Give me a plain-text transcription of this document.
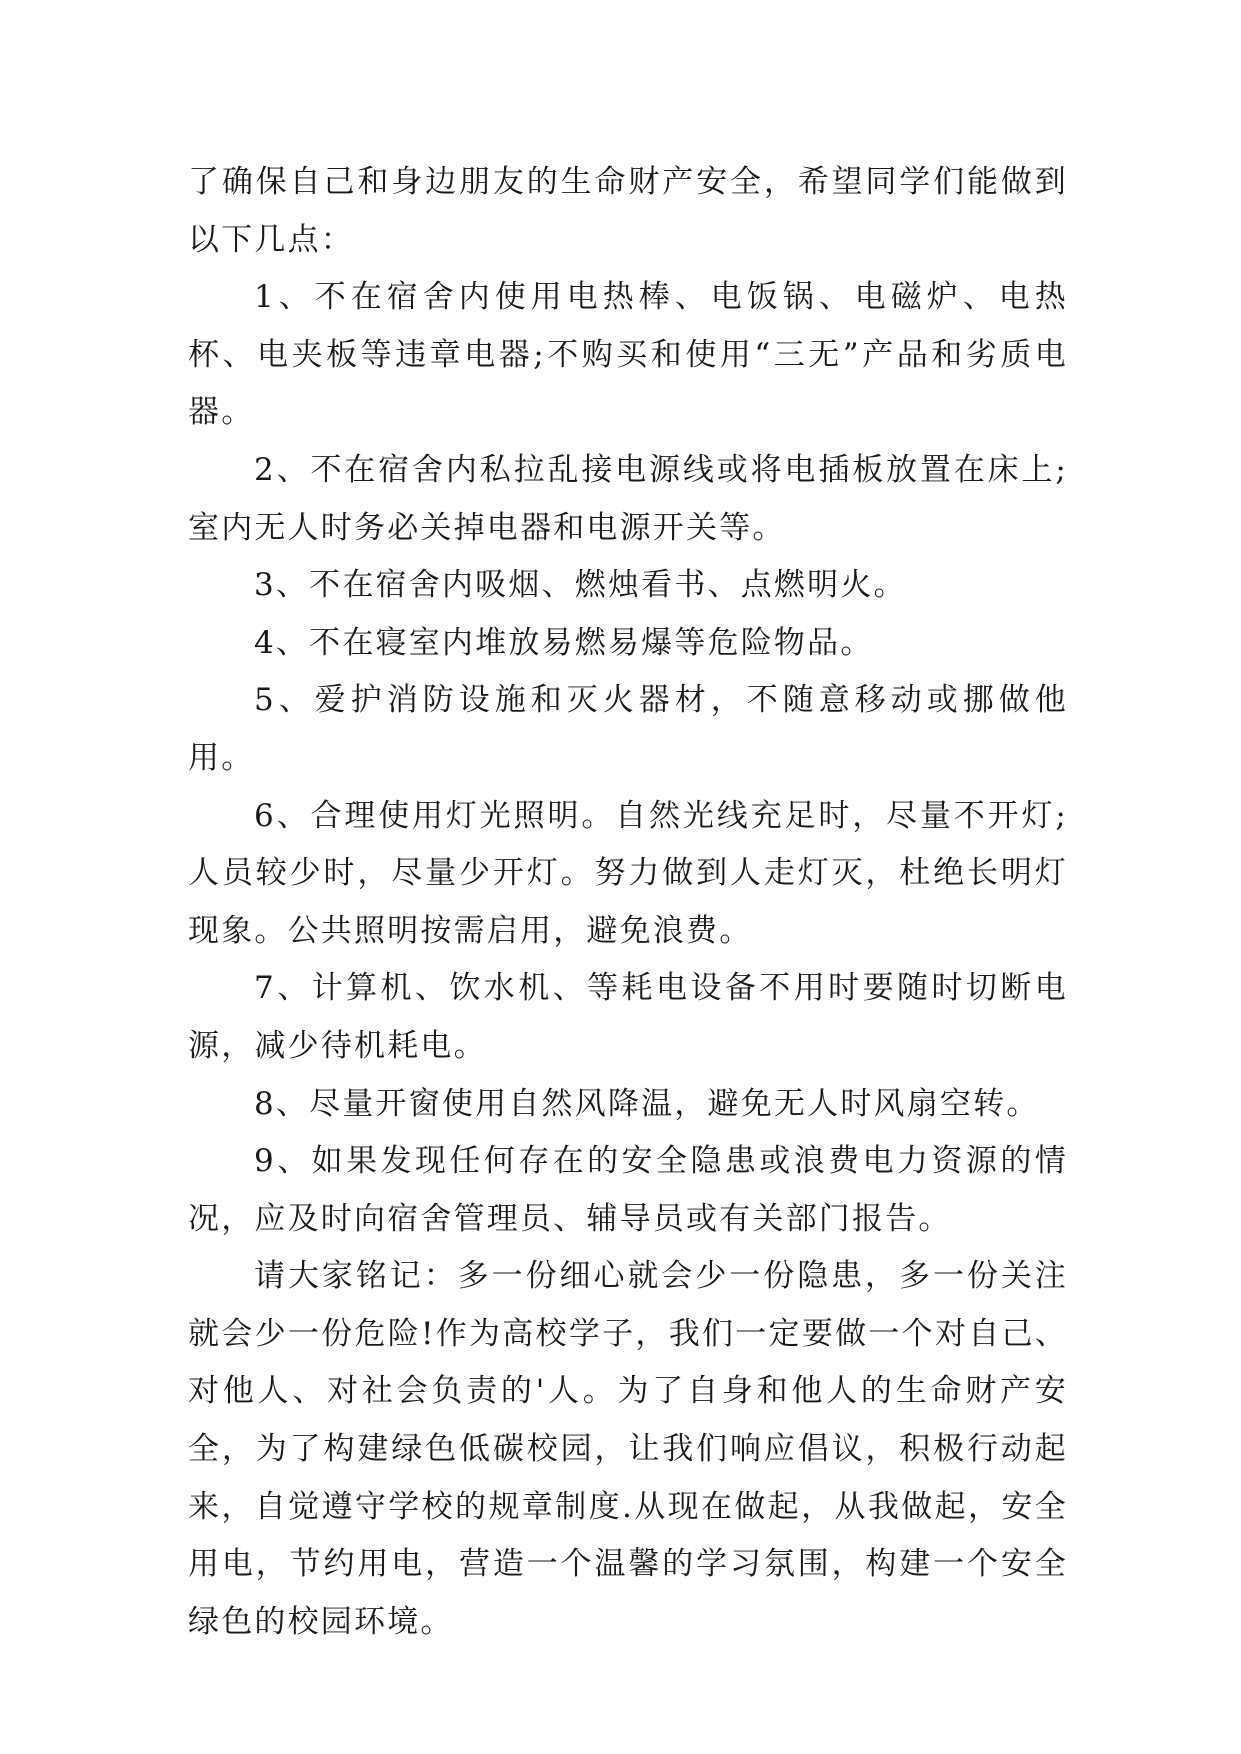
了确保自己和身边朋友的生命财产安全，希望同学们能做到以下几点：

1、不在宿舍内使用电热棒、电饭锅、电磁炉、电热杯、电夹板等违章电器;不购买和使用“三无”产品和劣质电器。

2、不在宿舍内私拉乱接电源线或将电插板放置在床上;室内无人时务必关掉电器和电源开关等。

3、不在宿舍内吸烟、燃烛看书、点燃明火。

4、不在寝室内堆放易燃易爆等危险物品。

5、爱护消防设施和灭火器材，不随意移动或挪做他用。

6、合理使用灯光照明。自然光线充足时，尽量不开灯;人员较少时，尽量少开灯。努力做到人走灯灭，杜绝长明灯现象。公共照明按需启用，避免浪费。

7、计算机、饮水机、等耗电设备不用时要随时切断电源，减少待机耗电。

8、尽量开窗使用自然风降温，避免无人时风扇空转。

9、如果发现任何存在的安全隐患或浪费电力资源的情况，应及时向宿舍管理员、辅导员或有关部门报告。

请大家铭记：多一份细心就会少一份隐患，多一份关注就会少一份危险!作为高校学子，我们一定要做一个对自己、对他人、对社会负责的'人。为了自身和他人的生命财产安全，为了构建绿色低碳校园，让我们响应倡议，积极行动起来，自觉遵守学校的规章制度.从现在做起，从我做起，安全用电，节约用电，营造一个温馨的学习氛围，构建一个安全绿色的校园环境。
